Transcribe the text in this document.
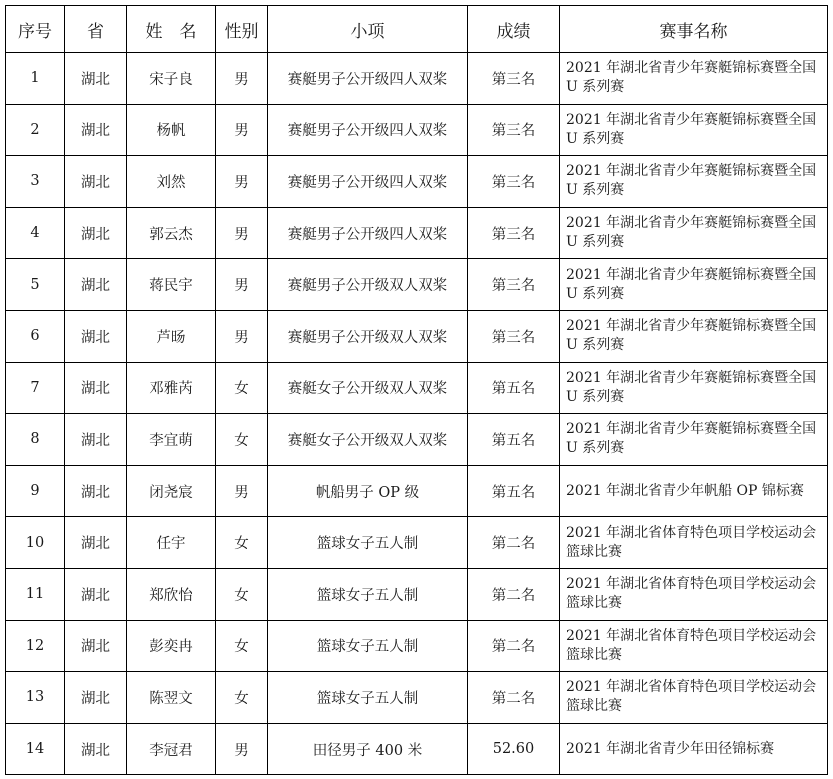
序号	省	姓　名	性别	小项	成绩	赛事名称
1	湖北	宋子良	男	赛艇男子公开级四人双桨	第三名	2021 年湖北省青少年赛艇锦标赛暨全国 U 系列赛
2	湖北	杨帆	男	赛艇男子公开级四人双桨	第三名	2021 年湖北省青少年赛艇锦标赛暨全国 U 系列赛
3	湖北	刘然	男	赛艇男子公开级四人双桨	第三名	2021 年湖北省青少年赛艇锦标赛暨全国 U 系列赛
4	湖北	郭云杰	男	赛艇男子公开级四人双桨	第三名	2021 年湖北省青少年赛艇锦标赛暨全国 U 系列赛
5	湖北	蒋民宇	男	赛艇男子公开级双人双桨	第三名	2021 年湖北省青少年赛艇锦标赛暨全国 U 系列赛
6	湖北	芦旸	男	赛艇男子公开级双人双桨	第三名	2021 年湖北省青少年赛艇锦标赛暨全国 U 系列赛
7	湖北	邓雅芮	女	赛艇女子公开级双人双桨	第五名	2021 年湖北省青少年赛艇锦标赛暨全国 U 系列赛
8	湖北	李宜萌	女	赛艇女子公开级双人双桨	第五名	2021 年湖北省青少年赛艇锦标赛暨全国 U 系列赛
9	湖北	闭尧宸	男	帆船男子 OP 级	第五名	2021 年湖北省青少年帆船 OP 锦标赛
10	湖北	任宇	女	篮球女子五人制	第二名	2021 年湖北省体育特色项目学校运动会篮球比赛
11	湖北	郑欣怡	女	篮球女子五人制	第二名	2021 年湖北省体育特色项目学校运动会篮球比赛
12	湖北	彭奕冉	女	篮球女子五人制	第二名	2021 年湖北省体育特色项目学校运动会篮球比赛
13	湖北	陈翌文	女	篮球女子五人制	第二名	2021 年湖北省体育特色项目学校运动会篮球比赛
14	湖北	李冠君	男	田径男子 400 米	52.60	2021 年湖北省青少年田径锦标赛
